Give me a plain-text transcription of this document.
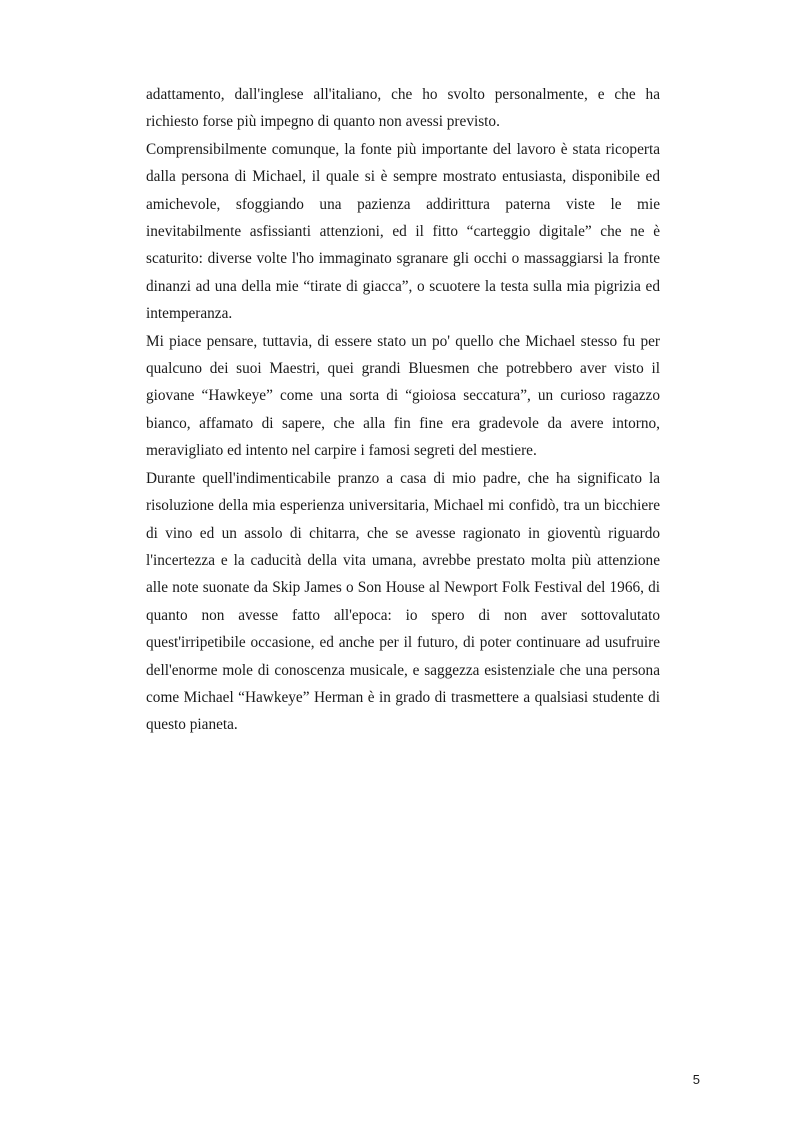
adattamento, dall'inglese all'italiano, che ho svolto personalmente, e che ha richiesto forse più impegno di quanto non avessi previsto.

Comprensibilmente comunque, la fonte più importante del lavoro è stata ricoperta dalla persona di Michael, il quale si è sempre mostrato entusiasta, disponibile ed amichevole, sfoggiando una pazienza addirittura paterna viste le mie inevitabilmente asfissianti attenzioni, ed il fitto “carteggio digitale” che ne è scaturito: diverse volte l'ho immaginato sgranare gli occhi o massaggiarsi la fronte dinanzi ad una della mie “tirate di giacca”, o scuotere la testa sulla mia pigrizia ed intemperanza.

Mi piace pensare, tuttavia, di essere stato un po' quello che Michael stesso fu per qualcuno dei suoi Maestri, quei grandi Bluesmen che potrebbero aver visto il giovane “Hawkeye” come una sorta di “gioiosa seccatura”, un curioso ragazzo bianco, affamato di sapere, che alla fin fine era gradevole da avere intorno, meravigliato ed intento nel carpire i famosi segreti del mestiere.

Durante quell'indimenticabile pranzo a casa di mio padre, che ha significato la risoluzione della mia esperienza universitaria, Michael mi confidò, tra un bicchiere di vino ed un assolo di chitarra, che se avesse ragionato in gioventù riguardo l'incertezza e la caducità della vita umana, avrebbe prestato molta più attenzione alle note suonate da Skip James o Son House al Newport Folk Festival del 1966, di quanto non avesse fatto all'epoca: io spero di non aver sottovalutato quest'irripetibile occasione, ed anche per il futuro, di poter continuare ad usufruire dell'enorme mole di conoscenza musicale, e saggezza esistenziale che una persona come Michael “Hawkeye” Herman è in grado di trasmettere a qualsiasi studente di questo pianeta.

5
